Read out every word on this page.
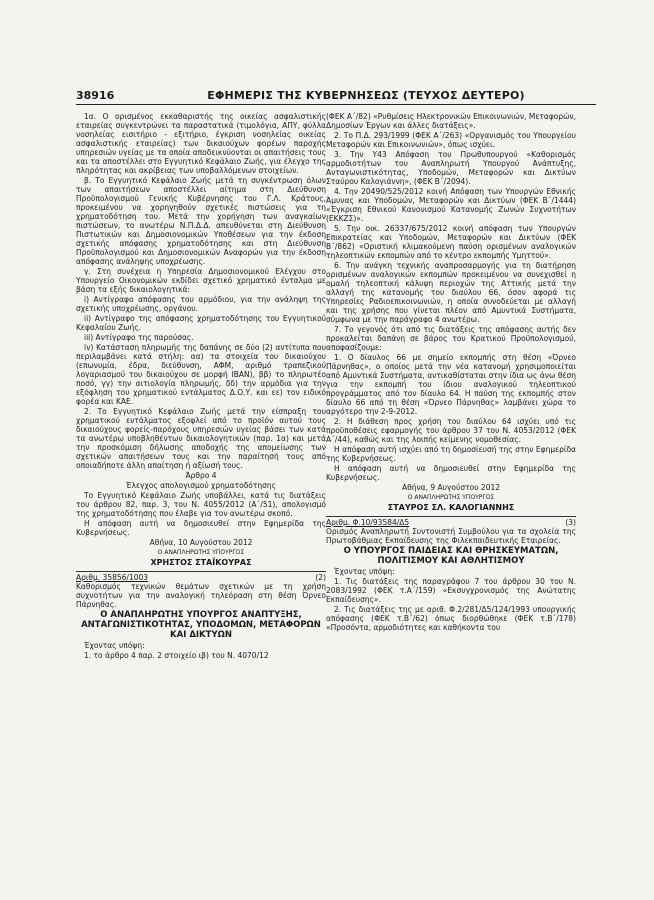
38916	ΕΦΗΜΕΡΙΣ ΤΗΣ ΚΥΒΕΡΝΗΣΕΩΣ (ΤΕΥΧΟΣ ΔΕΥΤΕΡΟ)

1α. Ο ορισμένος εκκαθαριστής της οικείας ασφαλιστικής εταιρείας συγκεντρώνει τα παραστατικά (τιμολόγια, ΑΠΥ, φύλλα νοσηλείας εισιτήριο - εξιτήριο, έγκριση νοσηλείας οικείας ασφαλιστικής εταιρείας) των δικαιούχων φορέων παροχής υπηρεσιών υγείας με τα οποία αποδεικνύονται οι απαιτήσεις τους και τα αποστέλλει στο Εγγυητικό Κεφάλαιο Ζωής, για έλεγχο της πληρότητας και ακρίβειας των υποβαλλόμενων στοιχείων.

β. Το Εγγυητικό Κεφάλαιο Ζωής μετά τη συγκέντρωση όλων των απαιτήσεων αποστέλλει αίτημα στη Διεύθυνση Προϋπολογισμού Γενικής Κυβέρνησης του Γ.Λ. Κράτους, προκειμένου να χορηγηθούν σχετικές πιστώσεις για τη χρηματοδότηση του. Μετά την χορήγηση των αναγκαίων πιστώσεων, το ανωτέρω Ν.Π.Δ.Δ. απευθύνεται στη Διεύθυνση Πιστωτικών και Δημοσιονομικών Υποθέσεων για την έκδοση σχετικής απόφασης χρηματοδότησης και στη Διεύθυνση Προϋπολογισμού και Δημοσιονομικών Αναφορών για την έκδοση απόφασης ανάληψης υποχρέωσης.

γ. Στη συνέχεια η Υπηρεσία Δημοσιονομικού Ελέγχου στο Υπουργείο Οικονομικών εκδίδει σχετικό χρηματικό ένταλμα με βάση τα εξής δικαιολογητικά:

i) Αντίγραφο απόφασης του αρμόδιου, για την ανάληψη της σχετικής υποχρέωσης, οργάνου.

ii) Αντίγραφο της απόφασης χρηματοδότησης του Εγγυητικού Κεφαλαίου Ζωής.

iii) Αντίγραφο της παρούσας.

iv) Κατάσταση πληρωμής της δαπάνης σε δύο (2) αντίτυπα που περιλαμβάνει κατά στήλη: αα) τα στοιχεία του δικαιούχου (επωνυμία, έδρα, διεύθυνση, ΑΦΜ, αριθμό τραπεζικού λογαριασμού του δικαιούχου σε μορφή IBAN), ββ) το πληρωτέο ποσό, γγ) την αιτιολογία πληρωμής, δδ) την αρμόδια για την εξόφληση του χρηματικού εντάλματος Δ.Ο.Υ. και εε) τον ειδικό φορέα και ΚΑΕ.

2. Το Εγγυητικό Κεφάλαιο Ζωής μετά την είσπραξη του χρηματικού εντάλματος εξοφλεί από το προϊόν αυτού τους δικαιούχους φορείς-παρόχους υπηρεσιών υγείας βάσει των κατά τα ανωτέρω υποβληθέντων δικαιολογητικών (παρ. 1α) και μετά την προσκόμιση δήλωσης αποδοχής της απομείωσης των σχετικών απαιτήσεων τους και την παραίτησή τους από οποιαδήποτε άλλη απαίτηση ή αξίωσή τους.

Άρθρο 4

Έλεγχος απολογισμού χρηματοδότησης

Το Εγγυητικό Κεφάλαιο Ζωής υποβάλλει, κατά τις διατάξεις του άρθρου 82, παρ. 3, του Ν. 4055/2012 (Α΄/51), απολογισμό της χρηματοδότησης που έλαβε για τον ανωτέρω σκοπό.

Η απόφαση αυτή να δημοσιευθεί στην Εφημερίδα της Κυβερνήσεως.

Αθήνα, 10 Αυγούστου 2012

Ο ΑΝΑΠΛΗΡΩΤΗΣ ΥΠΟΥΡΓΟΣ

ΧΡΗΣΤΟΣ ΣΤΑΪΚΟΥΡΑΣ

Αριθμ. 35856/1003	(2)

Καθορισμός τεχνικών θεμάτων σχετικών με τη χρήση συχνοτήτων για την αναλογική τηλεόραση στη θέση Όρνεο Πάρνηθας.

Ο ΑΝΑΠΛΗΡΩΤΗΣ ΥΠΟΥΡΓΟΣ ΑΝΑΠΤΥΞΗΣ, ΑΝΤΑΓΩΝΙΣΤΙΚΟΤΗΤΑΣ, ΥΠΟΔΟΜΩΝ, ΜΕΤΑΦΟΡΩΝ ΚΑΙ ΔΙΚΤΥΩΝ

Έχοντας υπόψη:

1. το άρθρο 4 παρ. 2 στοιχείο ιβ) του Ν. 4070/12

(ΦΕΚ Α΄/82) «Ρυθμίσεις Ηλεκτρονικών Επικοινωνιών, Μεταφορών, Δημοσίων Έργων και άλλες διατάξεις».

2. Το Π.Δ. 293/1999 (ΦΕΚ Α΄/263) «Οργανισμός του Υπουργείου Μεταφορών και Επικοινωνιών», όπως ισχύει.

3. Την Υ43 Απόφαση του Πρωθυπουργού «Καθορισμός αρμοδιοτήτων του Αναπληρωτή Υπουργού Ανάπτυξης, Ανταγωνιστικότητας, Υποδομών, Μεταφορών και Δικτύων Σταύρου Καλογιάννη», (ΦΕΚ Β΄/2094).

4. Την 20490/525/2012 κοινή Απόφαση των Υπουργών Εθνικής Άμυνας και Υποδομών, Μεταφορών και Δικτύων (ΦΕΚ Β΄/1444) «Έγκριση Εθνικού Κανονισμού Κατανομής Ζωνών Συχνοτήτων (ΕΚΚΖΣ)».

5. Την οικ. 26337/675/2012 κοινή απόφαση των Υπουργών Επικρατείας και Υποδομών, Μεταφορών και Δικτύων (ΦΕΚ Β΄/862) «Οριστική κλιμακούμενη παύση ορισμένων αναλογικών τηλεοπτικών εκπομπών από το κέντρο εκπομπής Υμηττού».

6. Την ανάγκη τεχνικής αναπροσαρμογής για τη διατήρηση ορισμένων αναλογικών εκπομπών προκειμένου να συνεχισθεί η ομαλή τηλεοπτική κάλυψη περιοχών της Αττικής μετά την αλλαγή της κατανομής του διαύλου 66, όσον αφορά τις Υπηρεσίες Ραδιοεπικοινωνιών, η οποία συνοδεύεται με αλλαγή και της χρήσης που γίνεται πλέον από Αμυντικά Συστήματα, σύμφωνα με την παράγραφο 4 ανωτέρω.

7. Το γεγονός ότι από τις διατάξεις της απόφασης αυτής δεν προκαλείται δαπάνη σε βάρος του Κρατικού Προϋπολογισμού, αποφασίζουμε:

1. Ο δίαυλος 66 με σημείο εκπομπής στη θέση «Όρνεο Πάρνηθας», ο οποίος μετά την νέα κατανομή χρησιμοποιείται από Αμυντικά Συστήματα, αντικαθίσταται στην ίδια ως άνω θέση για την εκπομπή του ίδιου αναλογικού τηλεοπτικού προγράμματος από τον δίαυλο 64. Η παύση της εκπομπής στον δίαυλο 66 από τη θέση «Όρνεο Πάρνηθας» λαμβάνει χώρα το αργότερο την 2-9-2012.

2. Η διάθεση προς χρήση του διαύλου 64 ισχύει υπό τις προϋποθέσεις εφαρμογής του άρθρου 37 του Ν. 4053/2012 (ΦΕΚ Α΄/44), καθώς και της λοιπής κείμενης νομοθεσίας.

Η απόφαση αυτή ισχύει από τη δημοσίευσή της στην Εφημερίδα της Κυβερνήσεως.

Η απόφαση αυτή να δημοσιευθεί στην Εφημερίδα της Κυβερνήσεως.

Αθήνα, 9 Αυγούστου 2012

Ο ΑΝΑΠΛΗΡΩΤΗΣ ΥΠΟΥΡΓΟΣ

ΣΤΑΥΡΟΣ ΣΛ. ΚΑΛΟΓΙΑΝΝΗΣ

Αριθμ. Φ.10/93584/Δ5	(3)

Ορισμός Αναπληρωτή Συντονιστή Συμβούλου για τα σχολεία της Πρωτοβάθμιας Εκπαίδευσης της Φιλεκπαιδευτικής Εταιρείας.

Ο ΥΠΟΥΡΓΟΣ ΠΑΙΔΕΙΑΣ ΚΑΙ ΘΡΗΣΚΕΥΜΑΤΩΝ, ΠΟΛΙΤΙΣΜΟΥ ΚΑΙ ΑΘΛΗΤΙΣΜΟΥ

Έχοντας υπόψη:

1. Τις διατάξεις της παραγράφου 7 του άρθρου 30 του Ν. 2083/1992 (ΦΕΚ τ.Α΄/159) «Εκσυγχρονισμός της Ανώτατης Εκπαίδευσης».

2. Τις διατάξεις της με αριθ. Φ.2/281/Δ5/124/1993 υπουργικής απόφασης (ΦΕΚ τ.Β΄/62) όπως διορθώθηκε (ΦΕΚ τ.Β΄/178) «Προσόντα, αρμοδιότητες και καθήκοντα του
